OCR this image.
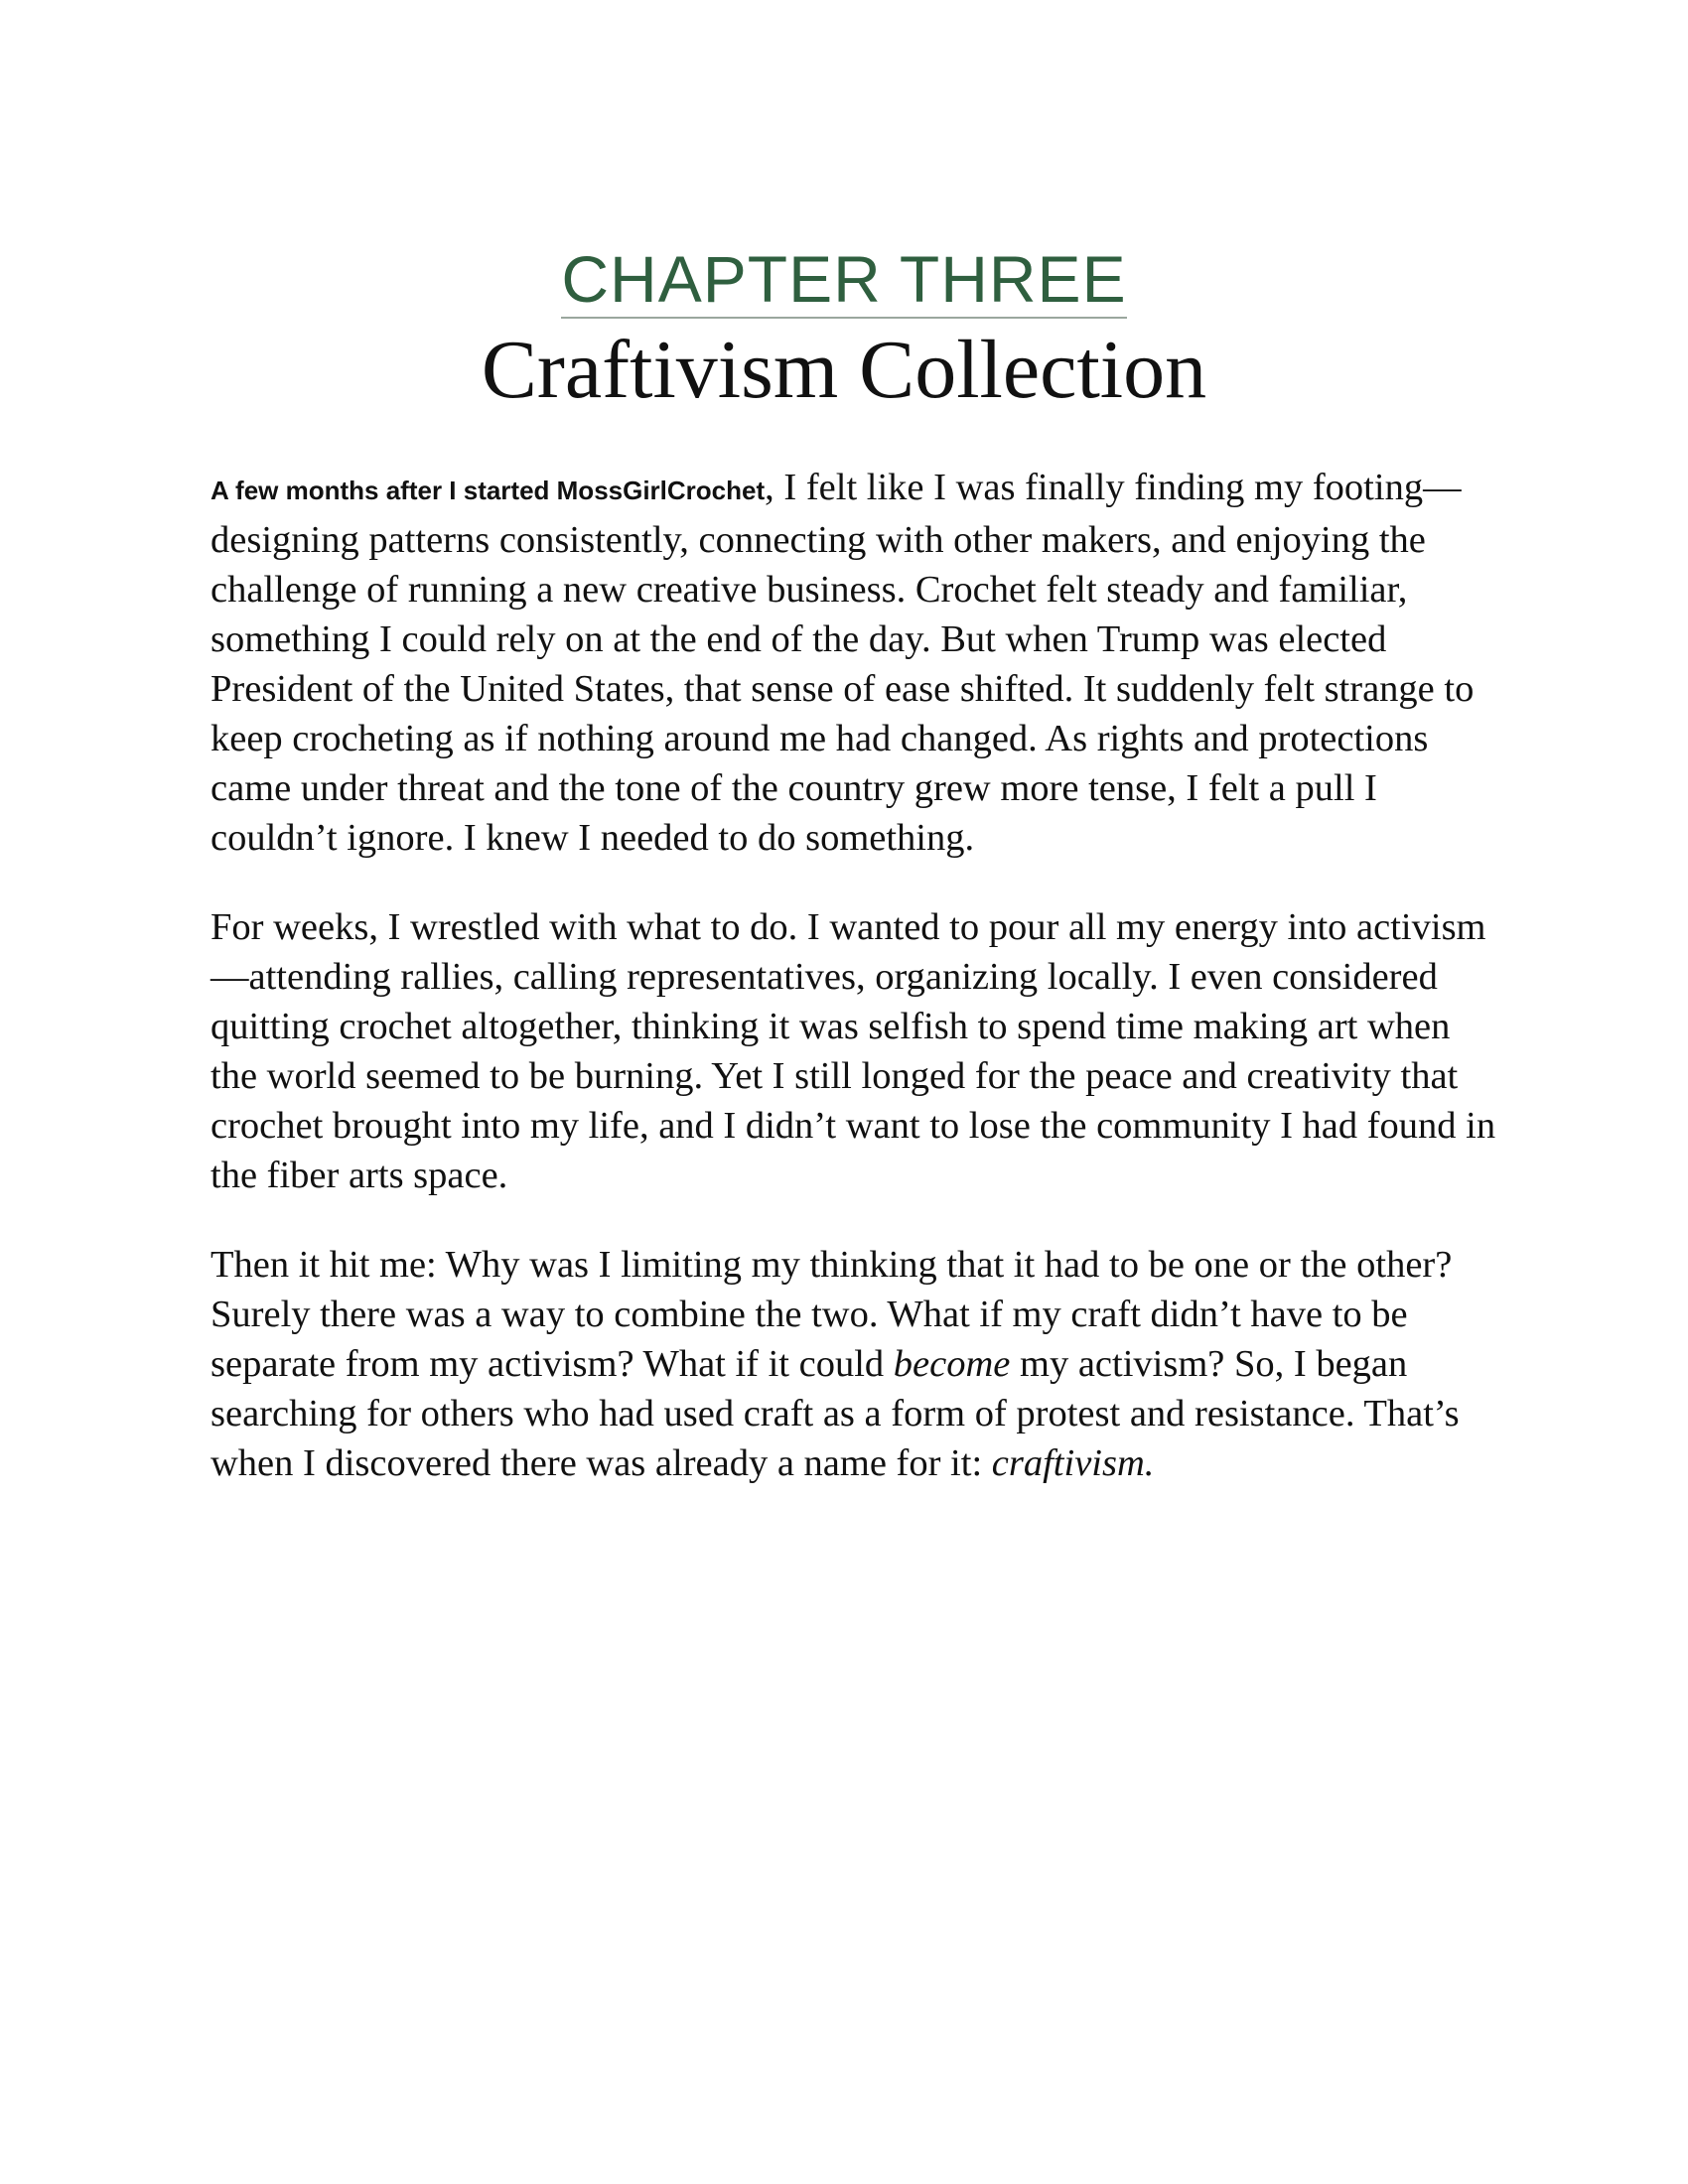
CHAPTER THREE
Craftivism Collection

A few months after I started MossGirlCrochet, I felt like I was finally finding my footing—designing patterns consistently, connecting with other makers, and enjoying the challenge of running a new creative business. Crochet felt steady and familiar, something I could rely on at the end of the day. But when Trump was elected President of the United States, that sense of ease shifted. It suddenly felt strange to keep crocheting as if nothing around me had changed. As rights and protections came under threat and the tone of the country grew more tense, I felt a pull I couldn’t ignore. I knew I needed to do something.

For weeks, I wrestled with what to do. I wanted to pour all my energy into activism—attending rallies, calling representatives, organizing locally. I even considered quitting crochet altogether, thinking it was selfish to spend time making art when the world seemed to be burning. Yet I still longed for the peace and creativity that crochet brought into my life, and I didn’t want to lose the community I had found in the fiber arts space.

Then it hit me: Why was I limiting my thinking that it had to be one or the other? Surely there was a way to combine the two. What if my craft didn’t have to be separate from my activism? What if it could become my activism? So, I began searching for others who had used craft as a form of protest and resistance. That’s when I discovered there was already a name for it: craftivism.
